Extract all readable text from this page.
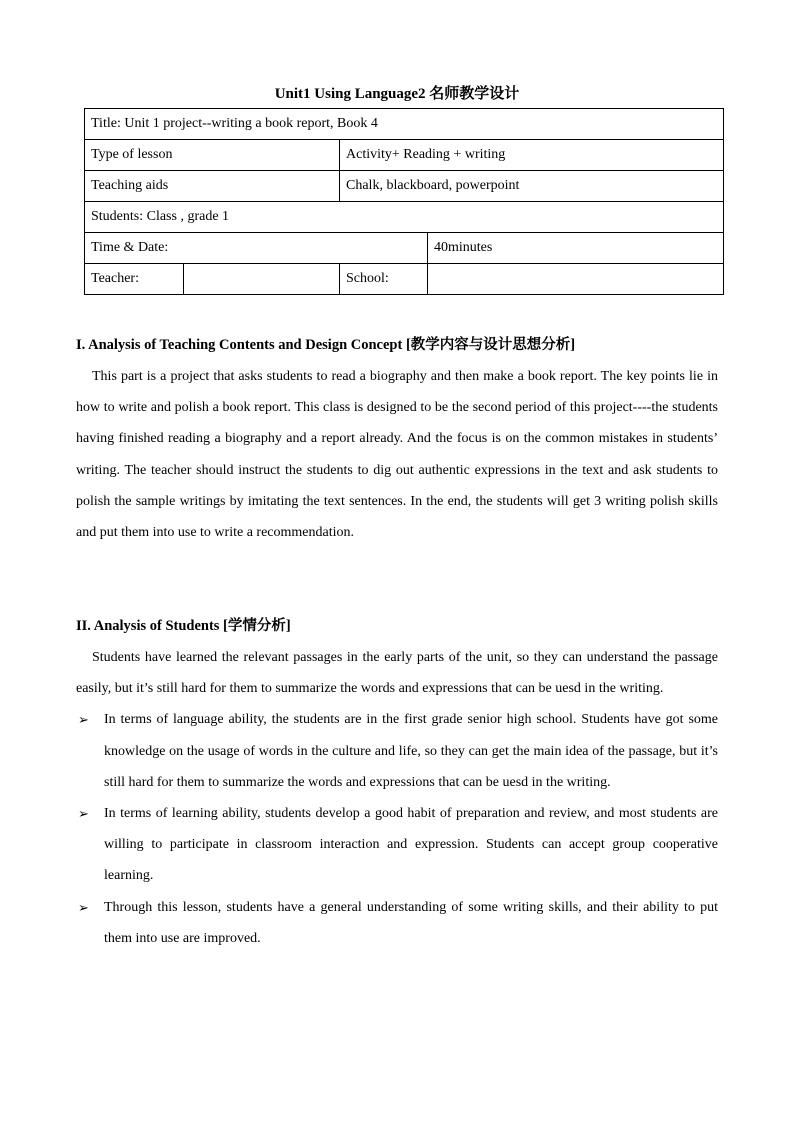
Unit1 Using Language2 名师教学设计
Title: Unit 1 project--writing a book report, Book 4			
Type of lesson		Activity+ Reading + writing	
Teaching aids		Chalk, blackboard, powerpoint	
Students: Class , grade 1			
Time & Date:			40minutes
Teacher:		School:	
I. Analysis of Teaching Contents and Design Concept [教学内容与设计思想分析]
This part is a project that asks students to read a biography and then make a book report. The key points lie in how to write and polish a book report. This class is designed to be the second period of this project----the students having finished reading a biography and a report already. And the focus is on the common mistakes in students’ writing. The teacher should instruct the students to dig out authentic expressions in the text and ask students to polish the sample writings by imitating the text sentences. In the end, the students will get 3 writing polish skills and put them into use to write a recommendation.
II. Analysis of Students [学情分析]
Students have learned the relevant passages in the early parts of the unit, so they can understand the passage easily, but it’s still hard for them to summarize the words and expressions that can be uesd in the writing.
➢ In terms of language ability, the students are in the first grade senior high school. Students have got some knowledge on the usage of words in the culture and life, so they can get the main idea of the passage, but it’s still hard for them to summarize the words and expressions that can be uesd in the writing.
➢ In terms of learning ability, students develop a good habit of preparation and review, and most students are willing to participate in classroom interaction and expression. Students can accept group cooperative learning.
➢ Through this lesson, students have a general understanding of some writing skills, and their ability to put them into use are improved.
